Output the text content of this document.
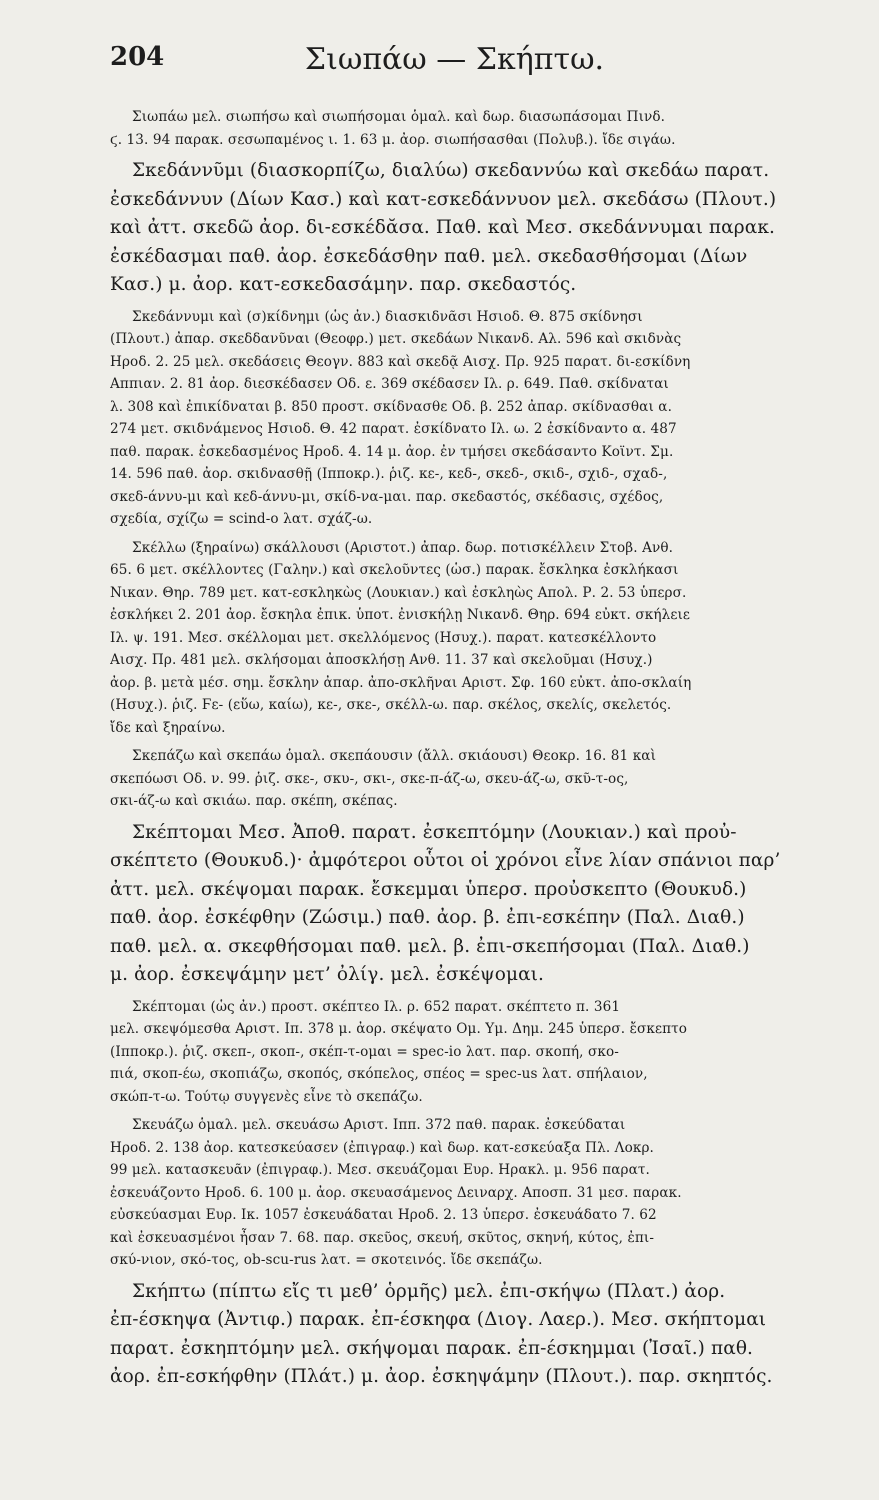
204	Σιωπάω — Σκήπτω.
Σιωπάω μελ. σιωπήσω καὶ σιωπήσομαι ὁμαλ. καὶ δωρ. διασωπάσομαι Πινδ.
ϛ. 13. 94 παρακ. σεσωπαμένος ι. 1. 63 μ. ἀορ. σιωπήσασθαι (Πολυβ.). ἴδε σιγάω.
Σκεδάννῦμι (διασκορπίζω, διαλύω) σκεδαννύω καὶ σκεδάω παρατ.
ἐσκεδάννυν (Δίων Κασ.) καὶ κατ-εσκεδάννυον μελ. σκεδάσω (Πλουτ.)
καὶ ἀττ. σκεδῶ ἀορ. δι-εσκέδᾰσα. Παθ. καὶ Μεσ. σκεδάννυμαι παρακ.
ἐσκέδασμαι παθ. ἀορ. ἐσκεδάσθην παθ. μελ. σκεδασθήσομαι (Δίων
Κασ.) μ. ἀορ. κατ-εσκεδασάμην. παρ. σκεδαστός.
Σκεδάννυμι καὶ (σ)κίδνημι (ὡς ἀν.) διασκιδνᾶσι Ησιοδ. Θ. 875 σκίδνησι
(Πλουτ.) ἀπαρ. σκεδδανῦναι (Θεοφρ.) μετ. σκεδάων Νικανδ. Αλ. 596 καὶ σκιδνὰς
Ηροδ. 2. 25 μελ. σκεδάσεις Θεογν. 883 καὶ σκεδᾷ Αισχ. Πρ. 925 παρατ. δι-εσκίδνη
Αππιαν. 2. 81 ἀορ. διεσκέδασεν Οδ. ε. 369 σκέδασεν Ιλ. ρ. 649. Παθ. σκίδναται
λ. 308 καὶ ἐπικίδναται β. 850 προστ. σκίδνασθε Οδ. β. 252 ἀπαρ. σκίδνασθαι α.
274 μετ. σκιδνάμενος Ησιοδ. Θ. 42 παρατ. ἐσκίδνατο Ιλ. ω. 2 ἐσκίδναντο α. 487
παθ. παρακ. ἐσκεδασμένος Ηροδ. 4. 14 μ. ἀορ. ἐν τμήσει σκεδάσαντο Κοϊντ. Σμ.
14. 596 παθ. ἀορ. σκιδνασθῇ (Ιπποκρ.). ῥιζ. κε-, κεδ-, σκεδ-, σκιδ-, σχιδ-, σχαδ-,
σκεδ-άννυ-μι καὶ κεδ-άννυ-μι, σκίδ-να-μαι. παρ. σκεδαστός, σκέδασις, σχέδος,
σχεδία, σχίζω = scind-o λατ. σχάζ-ω.
Σκέλλω (ξηραίνω) σκάλλουσι (Αριστοτ.) ἀπαρ. δωρ. ποτισκέλλειν Στοβ. Ανθ.
65. 6 μετ. σκέλλοντες (Γαλην.) καὶ σκελοῦντες (ὡσ.) παρακ. ἔσκληκα ἐσκλήκασι
Νικαν. Θηρ. 789 μετ. κατ-εσκληκὼς (Λουκιαν.) καὶ ἐσκληὼς Απολ. Ρ. 2. 53 ὑπερσ.
ἐσκλήκει 2. 201 ἀορ. ἔσκηλα ἐπικ. ὑποτ. ἐνισκήλῃ Νικανδ. Θηρ. 694 εὐκτ. σκήλειε
Ιλ. ψ. 191. Μεσ. σκέλλομαι μετ. σκελλόμενος (Ησυχ.). παρατ. κατεσκέλλοντο
Αισχ. Πρ. 481 μελ. σκλήσομαι ἀποσκλήσῃ Ανθ. 11. 37 καὶ σκελοῦμαι (Ησυχ.)
ἀορ. β. μετὰ μέσ. σημ. ἔσκλην ἀπαρ. ἀπο-σκλῆναι Αριστ. Σφ. 160 εὐκτ. ἀπο-σκλαίη
(Ησυχ.). ῥιζ. Ϝε- (εὕω, καίω), κε-, σκε-, σκέλλ-ω. παρ. σκέλος, σκελίς, σκελετός.
ἴδε καὶ ξηραίνω.
Σκεπάζω καὶ σκεπάω ὁμαλ. σκεπάουσιν (ἄλλ. σκιάουσι) Θεοκρ. 16. 81 καὶ
σκεπόωσι Οδ. ν. 99. ῥιζ. σκε-, σκυ-, σκι-, σκε-π-άζ-ω, σκευ-άζ-ω, σκῦ-τ-ος,
σκι-άζ-ω καὶ σκιάω. παρ. σκέπη, σκέπας.
Σκέπτομαι Μεσ. Ἀποθ. παρατ. ἐσκεπτόμην (Λουκιαν.) καὶ προὐ-
σκέπτετο (Θουκυδ.)· ἀμφότεροι οὗτοι οἱ χρόνοι εἶνε λίαν σπάνιοι παρ’
ἀττ. μελ. σκέψομαι παρακ. ἔσκεμμαι ὑπερσ. προὐσκεπτο (Θουκυδ.)
παθ. ἀορ. ἐσκέφθην (Ζώσιμ.) παθ. ἀορ. β. ἐπι-εσκέπην (Παλ. Διαθ.)
παθ. μελ. α. σκεφθήσομαι παθ. μελ. β. ἐπι-σκεπήσομαι (Παλ. Διαθ.)
μ. ἀορ. ἐσκεψάμην μετ’ ὀλίγ. μελ. ἐσκέψομαι.
Σκέπτομαι (ὡς ἀν.) προστ. σκέπτεο Ιλ. ρ. 652 παρατ. σκέπτετο π. 361
μελ. σκεψόμεσθα Αριστ. Ιπ. 378 μ. ἀορ. σκέψατο Ομ. Υμ. Δημ. 245 ὑπερσ. ἔσκεπτο
(Ιπποκρ.). ῥιζ. σκεπ-, σκοπ-, σκέπ-τ-ομαι = spec-io λατ. παρ. σκοπή, σκο-
πιά, σκοπ-έω, σκοπιάζω, σκοπός, σκόπελος, σπέος = spec-us λατ. σπήλαιον,
σκώπ-τ-ω. Τούτῳ συγγενὲς εἶνε τὸ σκεπάζω.
Σκευάζω ὁμαλ. μελ. σκευάσω Αριστ. Ιππ. 372 παθ. παρακ. ἐσκεύδαται
Ηροδ. 2. 138 ἀορ. κατεσκεύασεν (ἐπιγραφ.) καὶ δωρ. κατ-εσκεύαξα Πλ. Λοκρ.
99 μελ. κατασκευᾶν (ἐπιγραφ.). Μεσ. σκευάζομαι Ευρ. Ηρακλ. μ. 956 παρατ.
ἐσκευάζοντο Ηροδ. 6. 100 μ. ἀορ. σκευασάμενος Δειναρχ. Αποσπ. 31 μεσ. παρακ.
εὐσκεύασμαι Ευρ. Ικ. 1057 ἐσκευάδαται Ηροδ. 2. 13 ὑπερσ. ἐσκευάδατο 7. 62
καὶ ἐσκευασμένοι ἦσαν 7. 68. παρ. σκεῦος, σκευή, σκῦτος, σκηνή, κύτος, ἐπι-
σκύ-νιον, σκό-τος, ob-scu-rus λατ. = σκοτεινός. ἴδε σκεπάζω.
Σκήπτω (πίπτω εἴς τι μεθ’ ὁρμῆς) μελ. ἐπι-σκήψω (Πλατ.) ἀορ.
ἐπ-έσκηψα (Ἀντιφ.) παρακ. ἐπ-έσκηφα (Διογ. Λαερ.). Μεσ. σκήπτομαι
παρατ. ἐσκηπτόμην μελ. σκήψομαι παρακ. ἐπ-έσκημμαι (Ἰσαῖ.) παθ.
ἀορ. ἐπ-εσκήφθην (Πλάτ.) μ. ἀορ. ἐσκηψάμην (Πλουτ.). παρ. σκηπτός.
